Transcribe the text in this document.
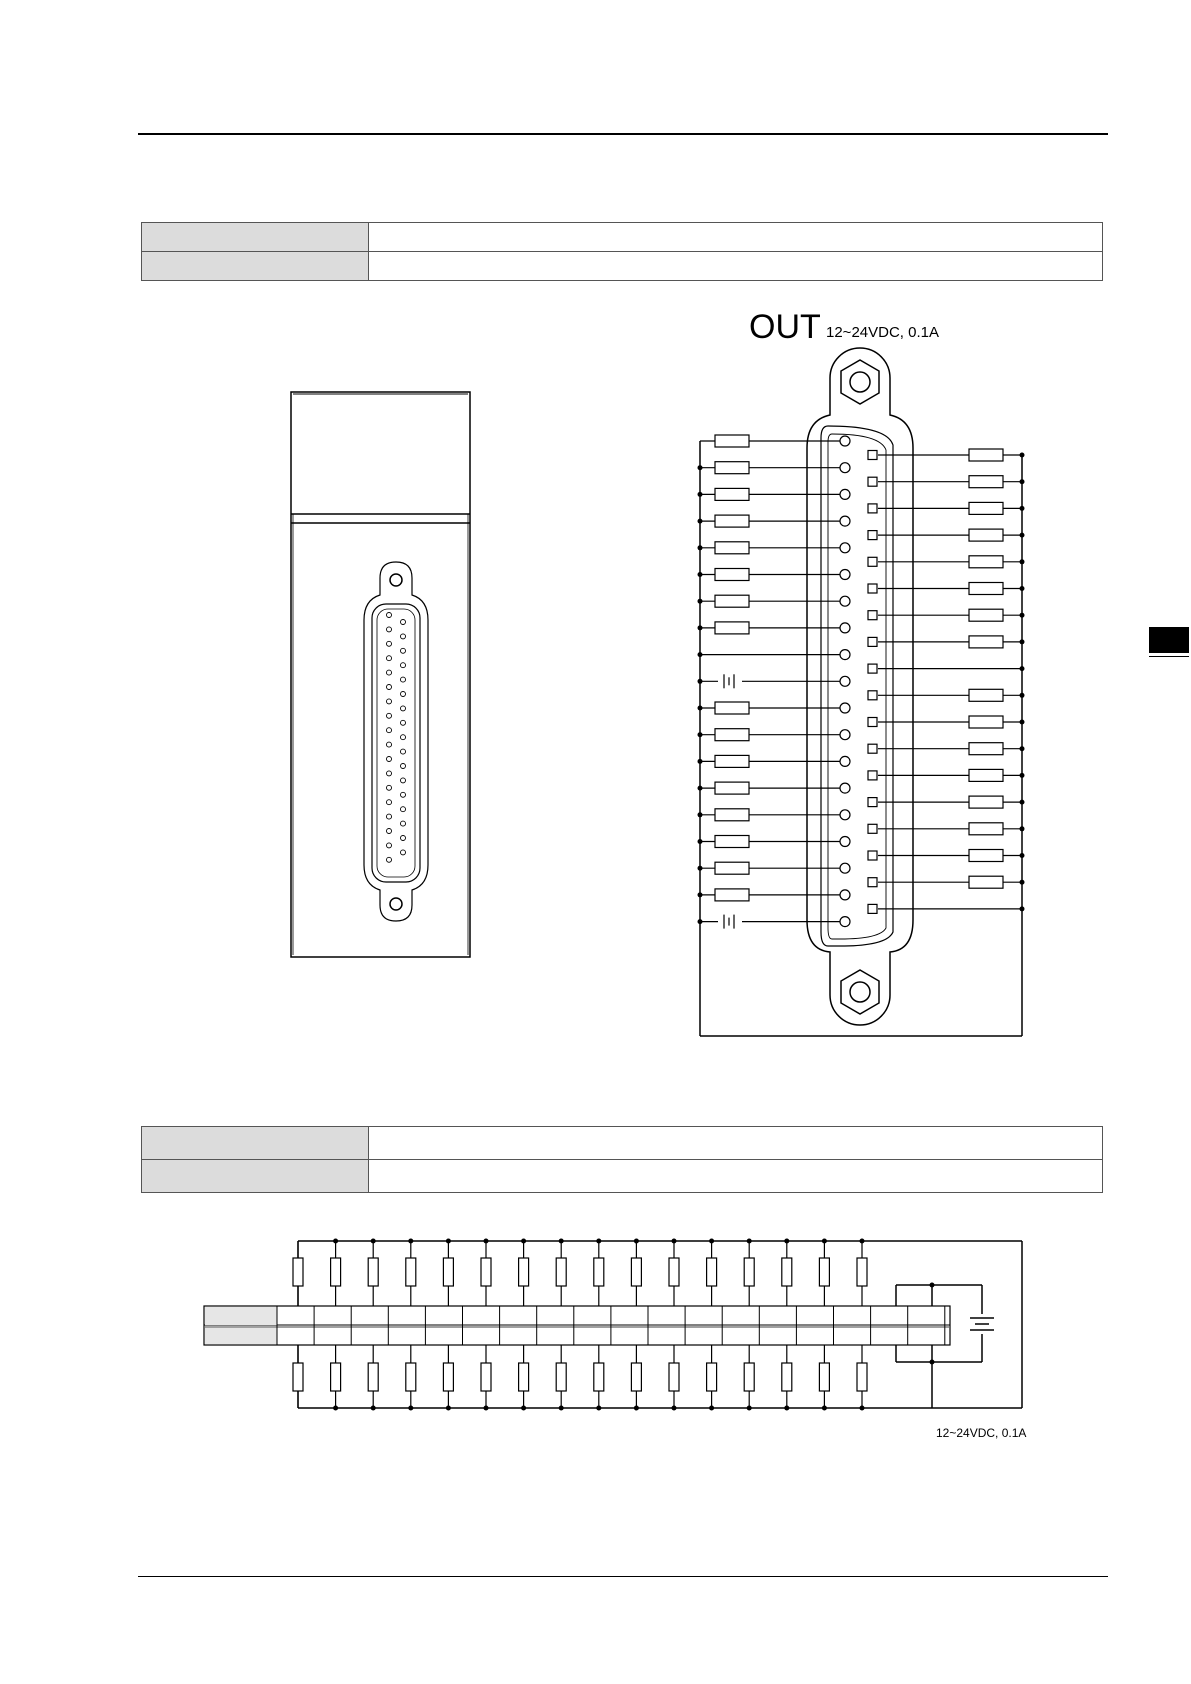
OUT 12~24VDC, 0.1A

12~24VDC, 0.1A
